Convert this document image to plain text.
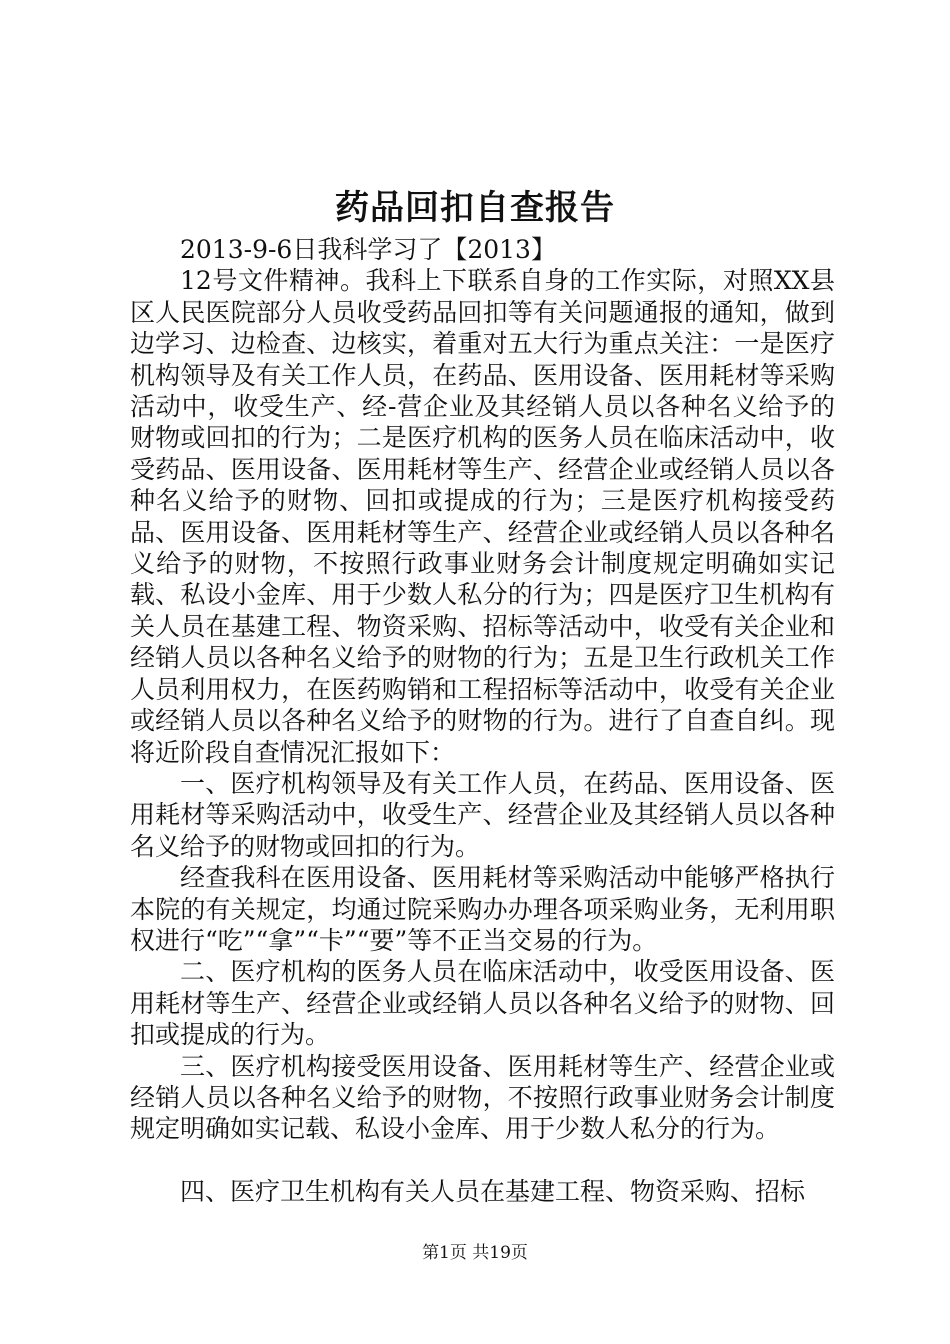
药品回扣自查报告

2013-9-6日我科学习了【2013】

12号文件精神。我科上下联系自身的工作实际，对照XX县区人民医院部分人员收受药品回扣等有关问题通报的通知，做到边学习、边检查、边核实，着重对五大行为重点关注：一是医疗机构领导及有关工作人员，在药品、医用设备、医用耗材等采购活动中，收受生产、经-营企业及其经销人员以各种名义给予的财物或回扣的行为；二是医疗机构的医务人员在临床活动中，收受药品、医用设备、医用耗材等生产、经营企业或经销人员以各种名义给予的财物、回扣或提成的行为；三是医疗机构接受药品、医用设备、医用耗材等生产、经营企业或经销人员以各种名义给予的财物，不按照行政事业财务会计制度规定明确如实记载、私设小金库、用于少数人私分的行为；四是医疗卫生机构有关人员在基建工程、物资采购、招标等活动中，收受有关企业和经销人员以各种名义给予的财物的行为；五是卫生行政机关工作人员利用权力，在医药购销和工程招标等活动中，收受有关企业或经销人员以各种名义给予的财物的行为。进行了自查自纠。现将近阶段自查情况汇报如下：

一、医疗机构领导及有关工作人员，在药品、医用设备、医用耗材等采购活动中，收受生产、经营企业及其经销人员以各种名义给予的财物或回扣的行为。

经查我科在医用设备、医用耗材等采购活动中能够严格执行本院的有关规定，均通过院采购办办理各项采购业务，无利用职权进行“吃”“拿”“卡”“要”等不正当交易的行为。

二、医疗机构的医务人员在临床活动中，收受医用设备、医用耗材等生产、经营企业或经销人员以各种名义给予的财物、回扣或提成的行为。

三、医疗机构接受医用设备、医用耗材等生产、经营企业或经销人员以各种名义给予的财物，不按照行政事业财务会计制度规定明确如实记载、私设小金库、用于少数人私分的行为。

四、医疗卫生机构有关人员在基建工程、物资采购、招标

第1页 共19页
